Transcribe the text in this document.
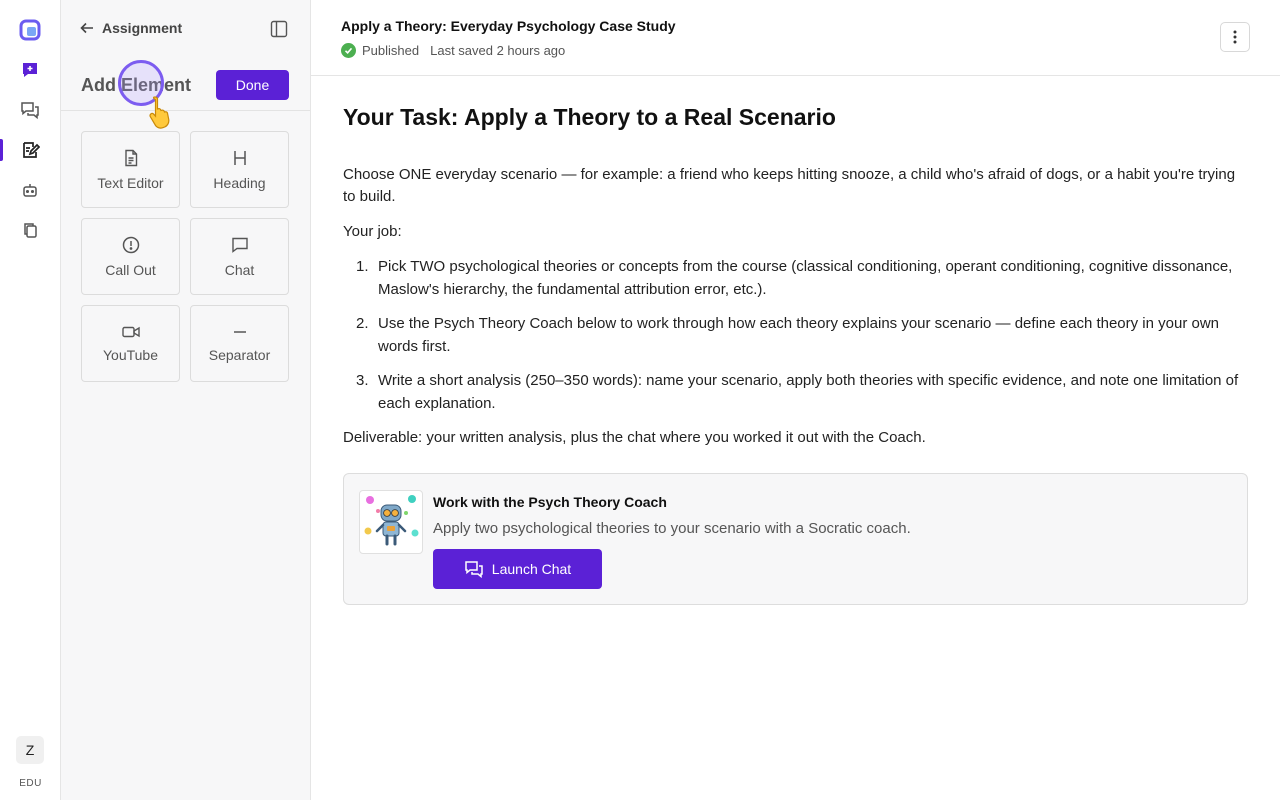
Z
EDU
Assignment
Add Element	Done
Text Editor	Heading
Call Out	Chat
YouTube	Separator
Apply a Theory: Everyday Psychology Case Study
Published Last saved 2 hours ago
Your Task: Apply a Theory to a Real Scenario

Choose ONE everyday scenario — for example: a friend who keeps hitting snooze, a child who's afraid of dogs, or a habit you're trying to build.

Your job:

1. Pick TWO psychological theories or concepts from the course (classical conditioning, operant conditioning, cognitive dissonance, Maslow's hierarchy, the fundamental attribution error, etc.).
2. Use the Psych Theory Coach below to work through how each theory explains your scenario — define each theory in your own words first.
3. Write a short analysis (250–350 words): name your scenario, apply both theories with specific evidence, and note one limitation of each explanation.

Deliverable: your written analysis, plus the chat where you worked it out with the Coach.

Work with the Psych Theory Coach
Apply two psychological theories to your scenario with a Socratic coach.
Launch Chat
